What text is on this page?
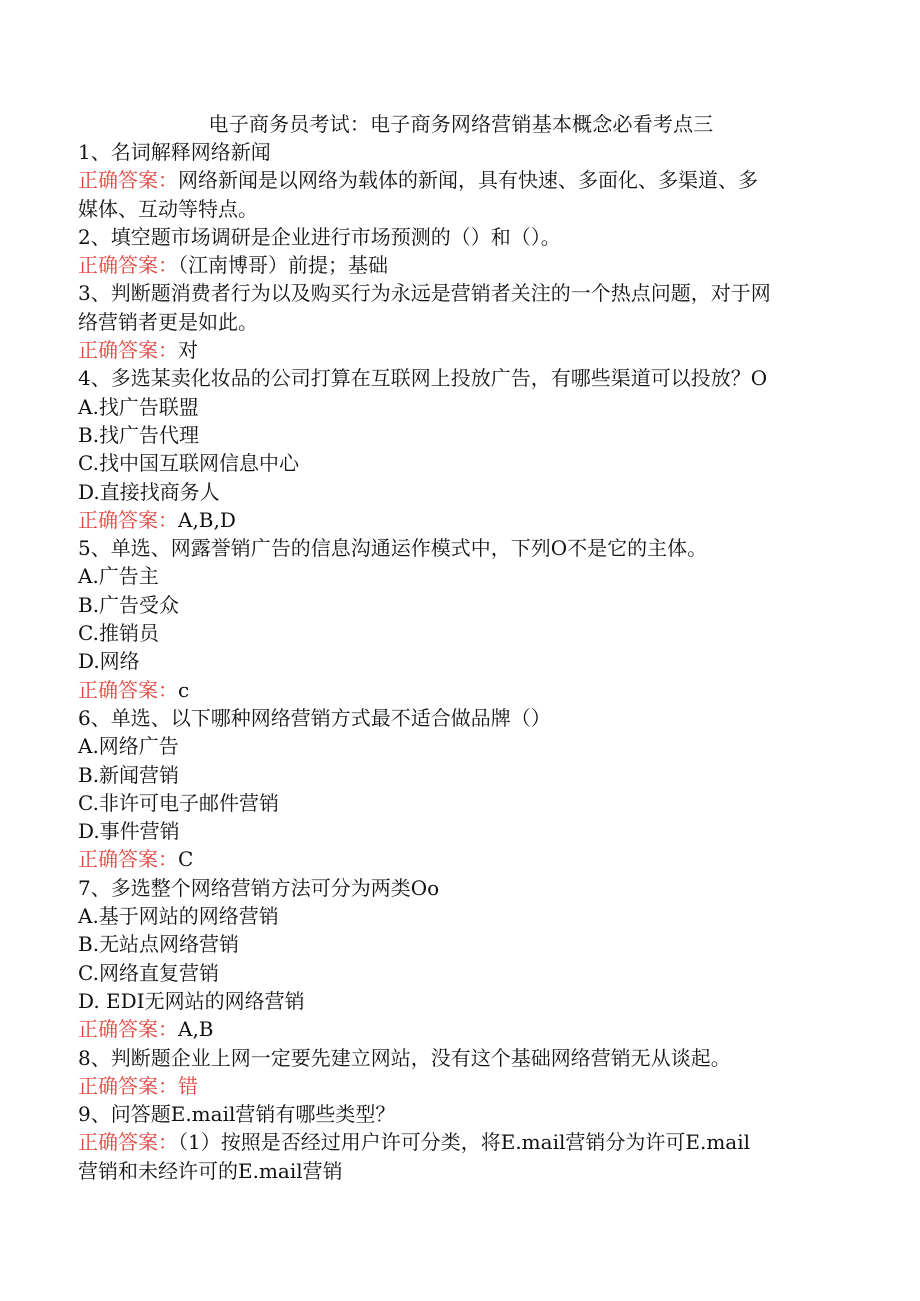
电子商务员考试：电子商务网络营销基本概念必看考点三

1、名词解释网络新闻

正确答案：网络新闻是以网络为载体的新闻，具有快速、多面化、多渠道、多

媒体、互动等特点。

2、填空题市场调研是企业进行市场预测的（）和（）。

正确答案：（江南博哥）前提；基础

3、判断题消费者行为以及购买行为永远是营销者关注的一个热点问题，对于网

络营销者更是如此。

正确答案：对

4、多选某卖化妆品的公司打算在互联网上投放广告，有哪些渠道可以投放？O

A.找广告联盟

B.找广告代理

C.找中国互联网信息中心

D.直接找商务人

正确答案：A,B,D

5、单选、网露誉销广告的信息沟通运作模式中，下列O不是它的主体。

A.广告主

B.广告受众

C.推销员

D.网络

正确答案：c

6、单选、以下哪种网络营销方式最不适合做品牌（）

A.网络广告

B.新闻营销

C.非许可电子邮件营销

D.事件营销

正确答案：C

7、多选整个网络营销方法可分为两类Oo

A.基于网站的网络营销

B.无站点网络营销

C.网络直复营销

D. EDI无网站的网络营销

正确答案：A,B

8、判断题企业上网一定要先建立网站，没有这个基础网络营销无从谈起。

正确答案：错

9、问答题E.mail营销有哪些类型？

正确答案：（1）按照是否经过用户许可分类，将E.mail营销分为许可E.mail

营销和未经许可的E.mail营销
